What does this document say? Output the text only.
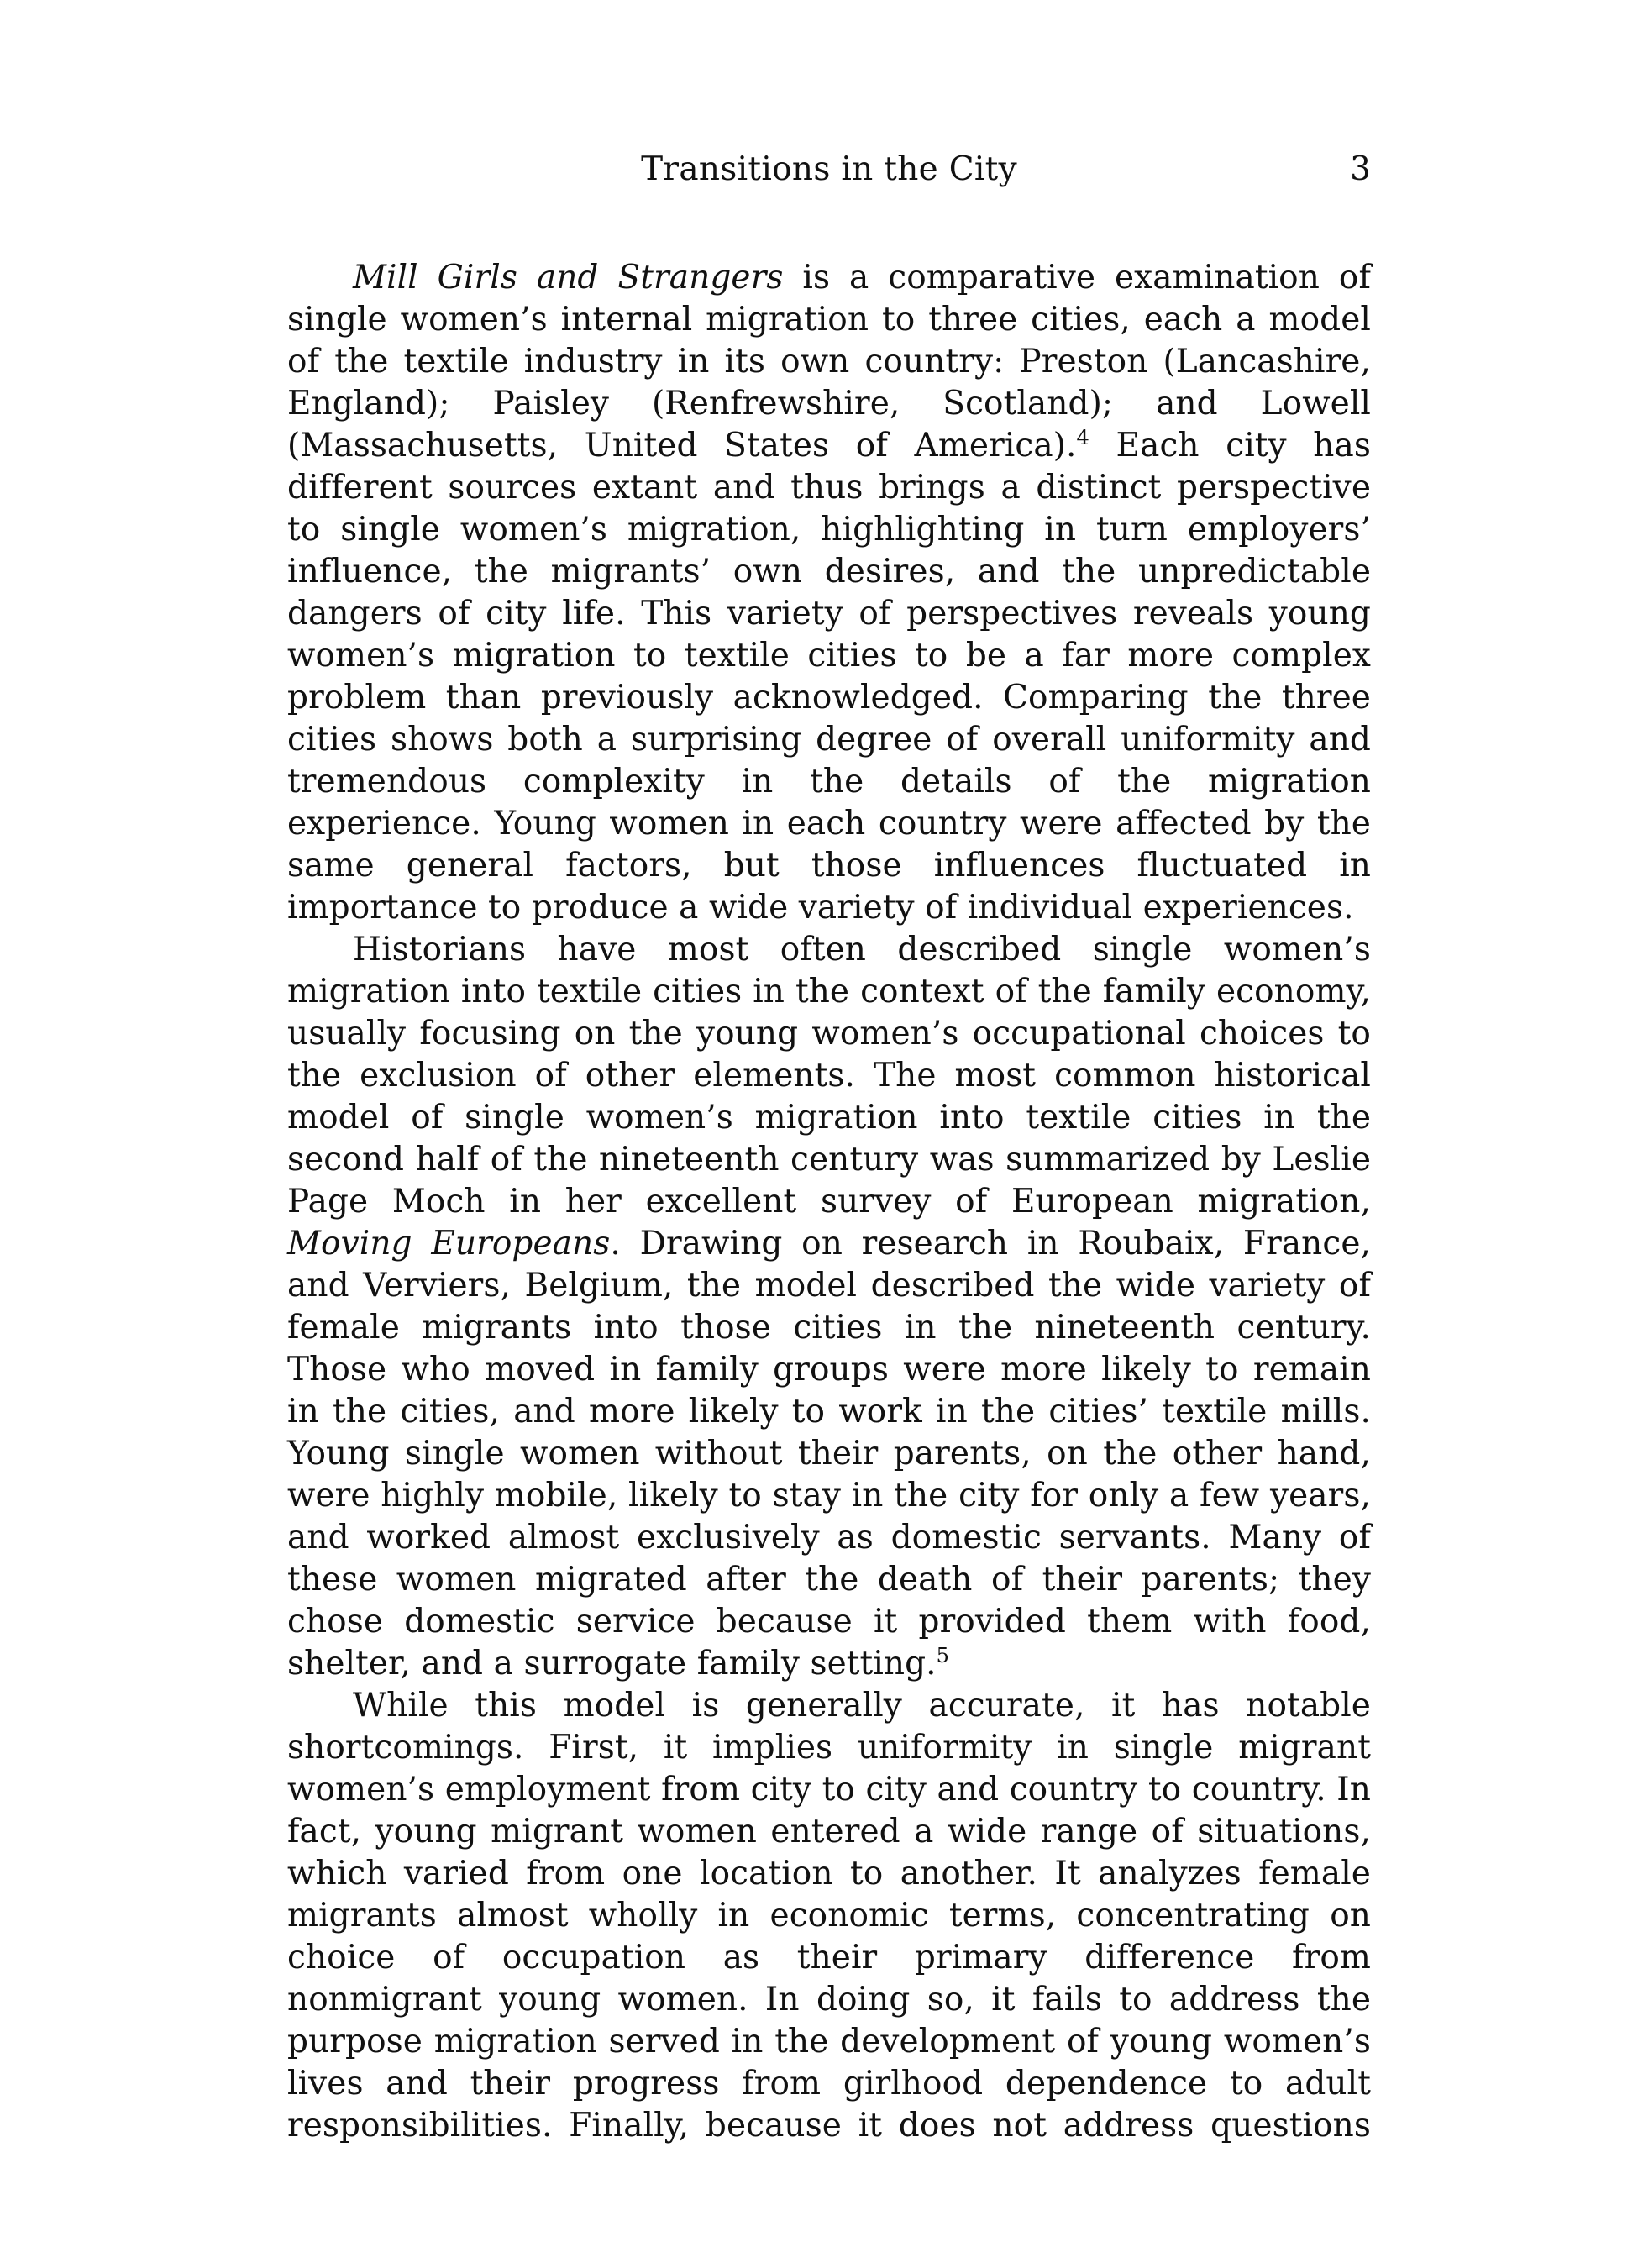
Transitions in the City	3

Mill Girls and Strangers is a comparative examination of single women’s internal migration to three cities, each a model of the textile industry in its own country: Preston (Lancashire, England); Paisley (Renfrewshire, Scotland); and Lowell (Massachusetts, United States of America).$^4$ Each city has different sources extant and thus brings a distinct perspective to single women’s migration, highlighting in turn employers’ influence, the migrants’ own desires, and the unpredictable dangers of city life. This variety of perspectives reveals young women’s migration to textile cities to be a far more complex problem than previously acknowledged. Comparing the three cities shows both a surprising degree of overall uniformity and tremendous complexity in the details of the migration experience. Young women in each country were affected by the same general factors, but those influences fluctuated in importance to produce a wide variety of individual experiences.

Historians have most often described single women’s migration into textile cities in the context of the family economy, usually focusing on the young women’s occupational choices to the exclusion of other elements. The most common historical model of single women’s migration into textile cities in the second half of the nineteenth century was summarized by Leslie Page Moch in her excellent survey of European migration, Moving Europeans. Drawing on research in Roubaix, France, and Verviers, Belgium, the model described the wide variety of female migrants into those cities in the nineteenth century. Those who moved in family groups were more likely to remain in the cities, and more likely to work in the cities’ textile mills. Young single women without their parents, on the other hand, were highly mobile, likely to stay in the city for only a few years, and worked almost exclusively as domestic servants. Many of these women migrated after the death of their parents; they chose domestic service because it provided them with food, shelter, and a surrogate family setting.$^5$

While this model is generally accurate, it has notable shortcomings. First, it implies uniformity in single migrant women’s employment from city to city and country to country. In fact, young migrant women entered a wide range of situations, which varied from one location to another. It analyzes female migrants almost wholly in economic terms, concentrating on choice of occupation as their primary difference from nonmigrant young women. In doing so, it fails to address the purpose migration served in the development of young women’s lives and their progress from girlhood dependence to adult responsibilities. Finally, because it does not address questions
